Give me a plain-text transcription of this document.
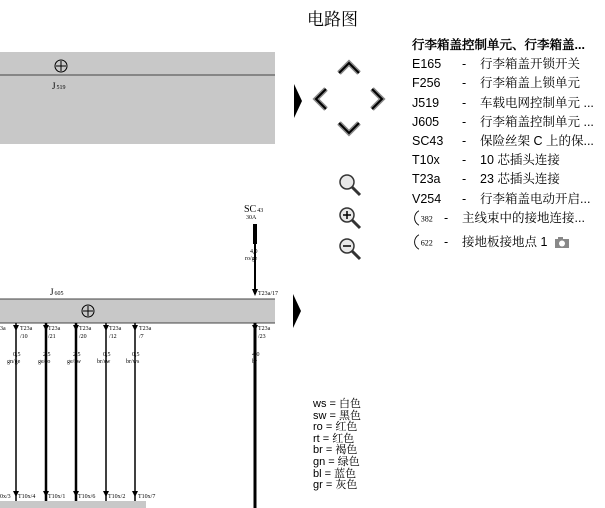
电路图
J519
SC43
30A
4,0
ro/ge
T23a/17
J605
3a T23a
/10
T23a
/21
T23a
/20
T23a
/12
T23a
/7
T23a
/23
0,5
gn/ge
2,5
ge/ro
2,5
ge/sw
0,5
br/sw
0,5
br/ws
4,0
br
0x/3 T10x/4 T10x/1 T10x/6 T10x/2 T10x/7
行李箱盖控制单元、行李箱盖...
E165 - 行李箱盖开锁开关
F256 - 行李箱盖上锁单元
J519 - 车载电网控制单元 ...
J605 - 行李箱盖控制单元 ...
SC43 - 保险丝架 C 上的保...
T10x - 10 芯插头连接
T23a - 23 芯插头连接
V254 - 行李箱盖电动开启...
382 - 主线束中的接地连接...
622 - 接地板接地点 1
ws = 白色
sw = 黑色
ro = 红色
rt = 红色
br = 褐色
gn = 绿色
bl = 蓝色
gr = 灰色
